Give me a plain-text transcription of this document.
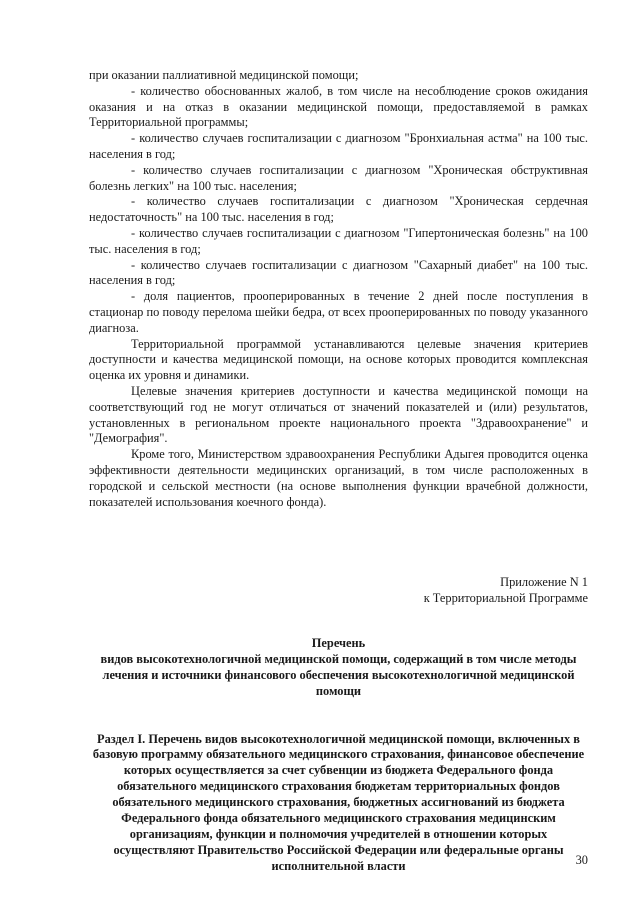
при оказании паллиативной медицинской помощи;

- количество обоснованных жалоб, в том числе на несоблюдение сроков ожидания оказания и на отказ в оказании медицинской помощи, предоставляемой в рамках Территориальной программы;

- количество случаев госпитализации с диагнозом "Бронхиальная астма" на 100 тыс. населения в год;

- количество случаев госпитализации с диагнозом "Хроническая обструктивная болезнь легких" на 100 тыс. населения;

- количество случаев госпитализации с диагнозом "Хроническая сердечная недостаточность" на 100 тыс. населения в год;

- количество случаев госпитализации с диагнозом "Гипертоническая болезнь" на 100 тыс. населения в год;

- количество случаев госпитализации с диагнозом "Сахарный диабет" на 100 тыс. населения в год;

- доля пациентов, прооперированных в течение 2 дней после поступления в стационар по поводу перелома шейки бедра, от всех прооперированных по поводу указанного диагноза.

Территориальной программой устанавливаются целевые значения критериев доступности и качества медицинской помощи, на основе которых проводится комплексная оценка их уровня и динамики.

Целевые значения критериев доступности и качества медицинской помощи на соответствующий год не могут отличаться от значений показателей и (или) результатов, установленных в региональном проекте национального проекта "Здравоохранение" и "Демография".

Кроме того, Министерством здравоохранения Республики Адыгея проводится оценка эффективности деятельности медицинских организаций, в том числе расположенных в городской и сельской местности (на основе выполнения функции врачебной должности, показателей использования коечного фонда).

Приложение N 1
к Территориальной Программе
Перечень
видов высокотехнологичной медицинской помощи, содержащий в том числе методы лечения и источники финансового обеспечения высокотехнологичной медицинской помощи
Раздел I. Перечень видов высокотехнологичной медицинской помощи, включенных в базовую программу обязательного медицинского страхования, финансовое обеспечение которых осуществляется за счет субвенции из бюджета Федерального фонда обязательного медицинского страхования бюджетам территориальных фондов обязательного медицинского страхования, бюджетных ассигнований из бюджета Федерального фонда обязательного медицинского страхования медицинским организациям, функции и полномочия учредителей в отношении которых осуществляют Правительство Российской Федерации или федеральные органы исполнительной власти	30
